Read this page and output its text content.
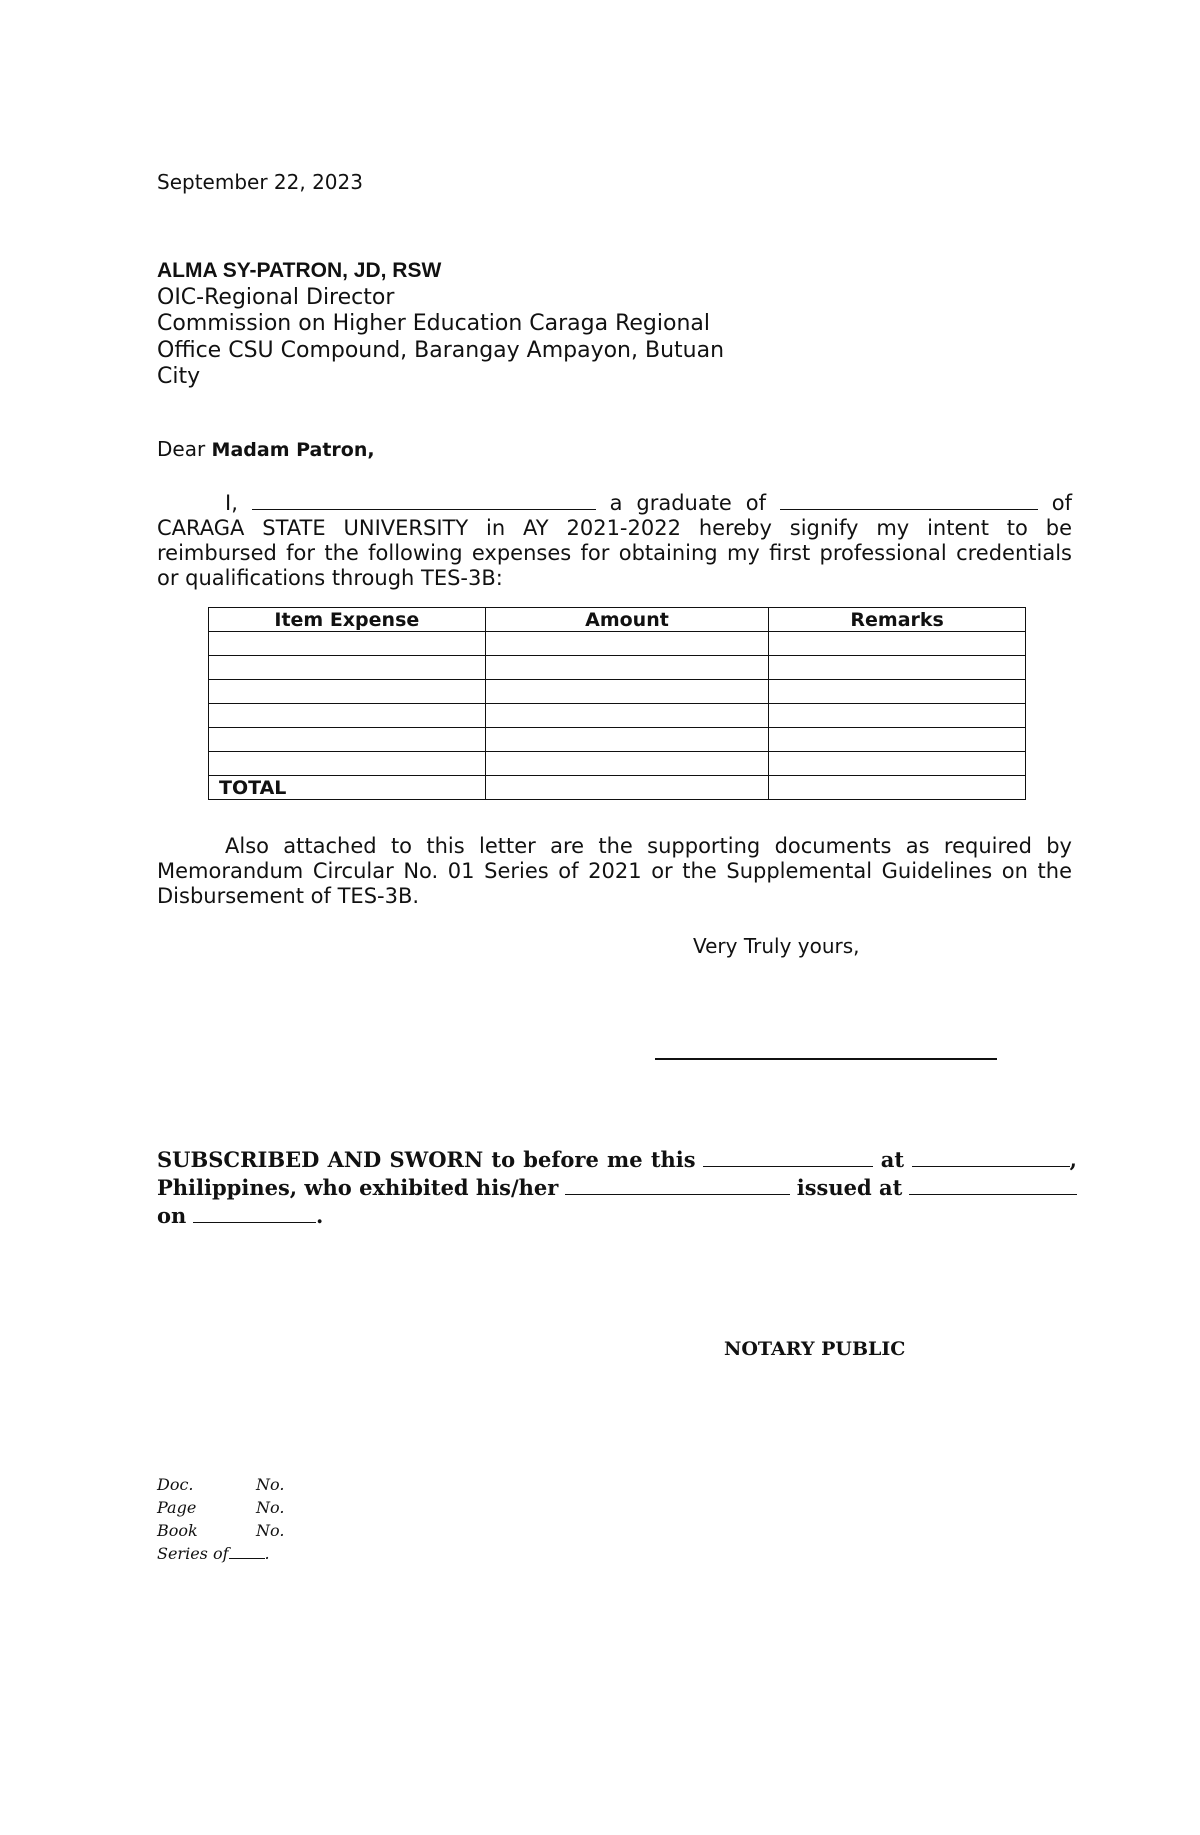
September 22, 2023
ALMA SY-PATRON, JD, RSW
OIC-Regional Director
Commission on Higher Education Caraga Regional
Office CSU Compound, Barangay Ampayon, Butuan
City
Dear Madam Patron,
I,	a graduate of	of CARAGA STATE UNIVERSITY in AY 2021-2022 hereby signify my intent to be reimbursed for the following expenses for obtaining my first professional credentials or qualifications through TES-3B:
Item Expense	Amount	Remarks

TOTAL		
Also attached to this letter are the supporting documents as required by Memorandum Circular No. 01 Series of 2021 or the Supplemental Guidelines on the Disbursement of TES-3B.
Very Truly yours,
SUBSCRIBED AND SWORN to before me this	at	, Philippines, who exhibited his/her	issued at  on	.
NOTARY PUBLIC
Doc.	No.
Page	No.
Book	No.
Series of .
